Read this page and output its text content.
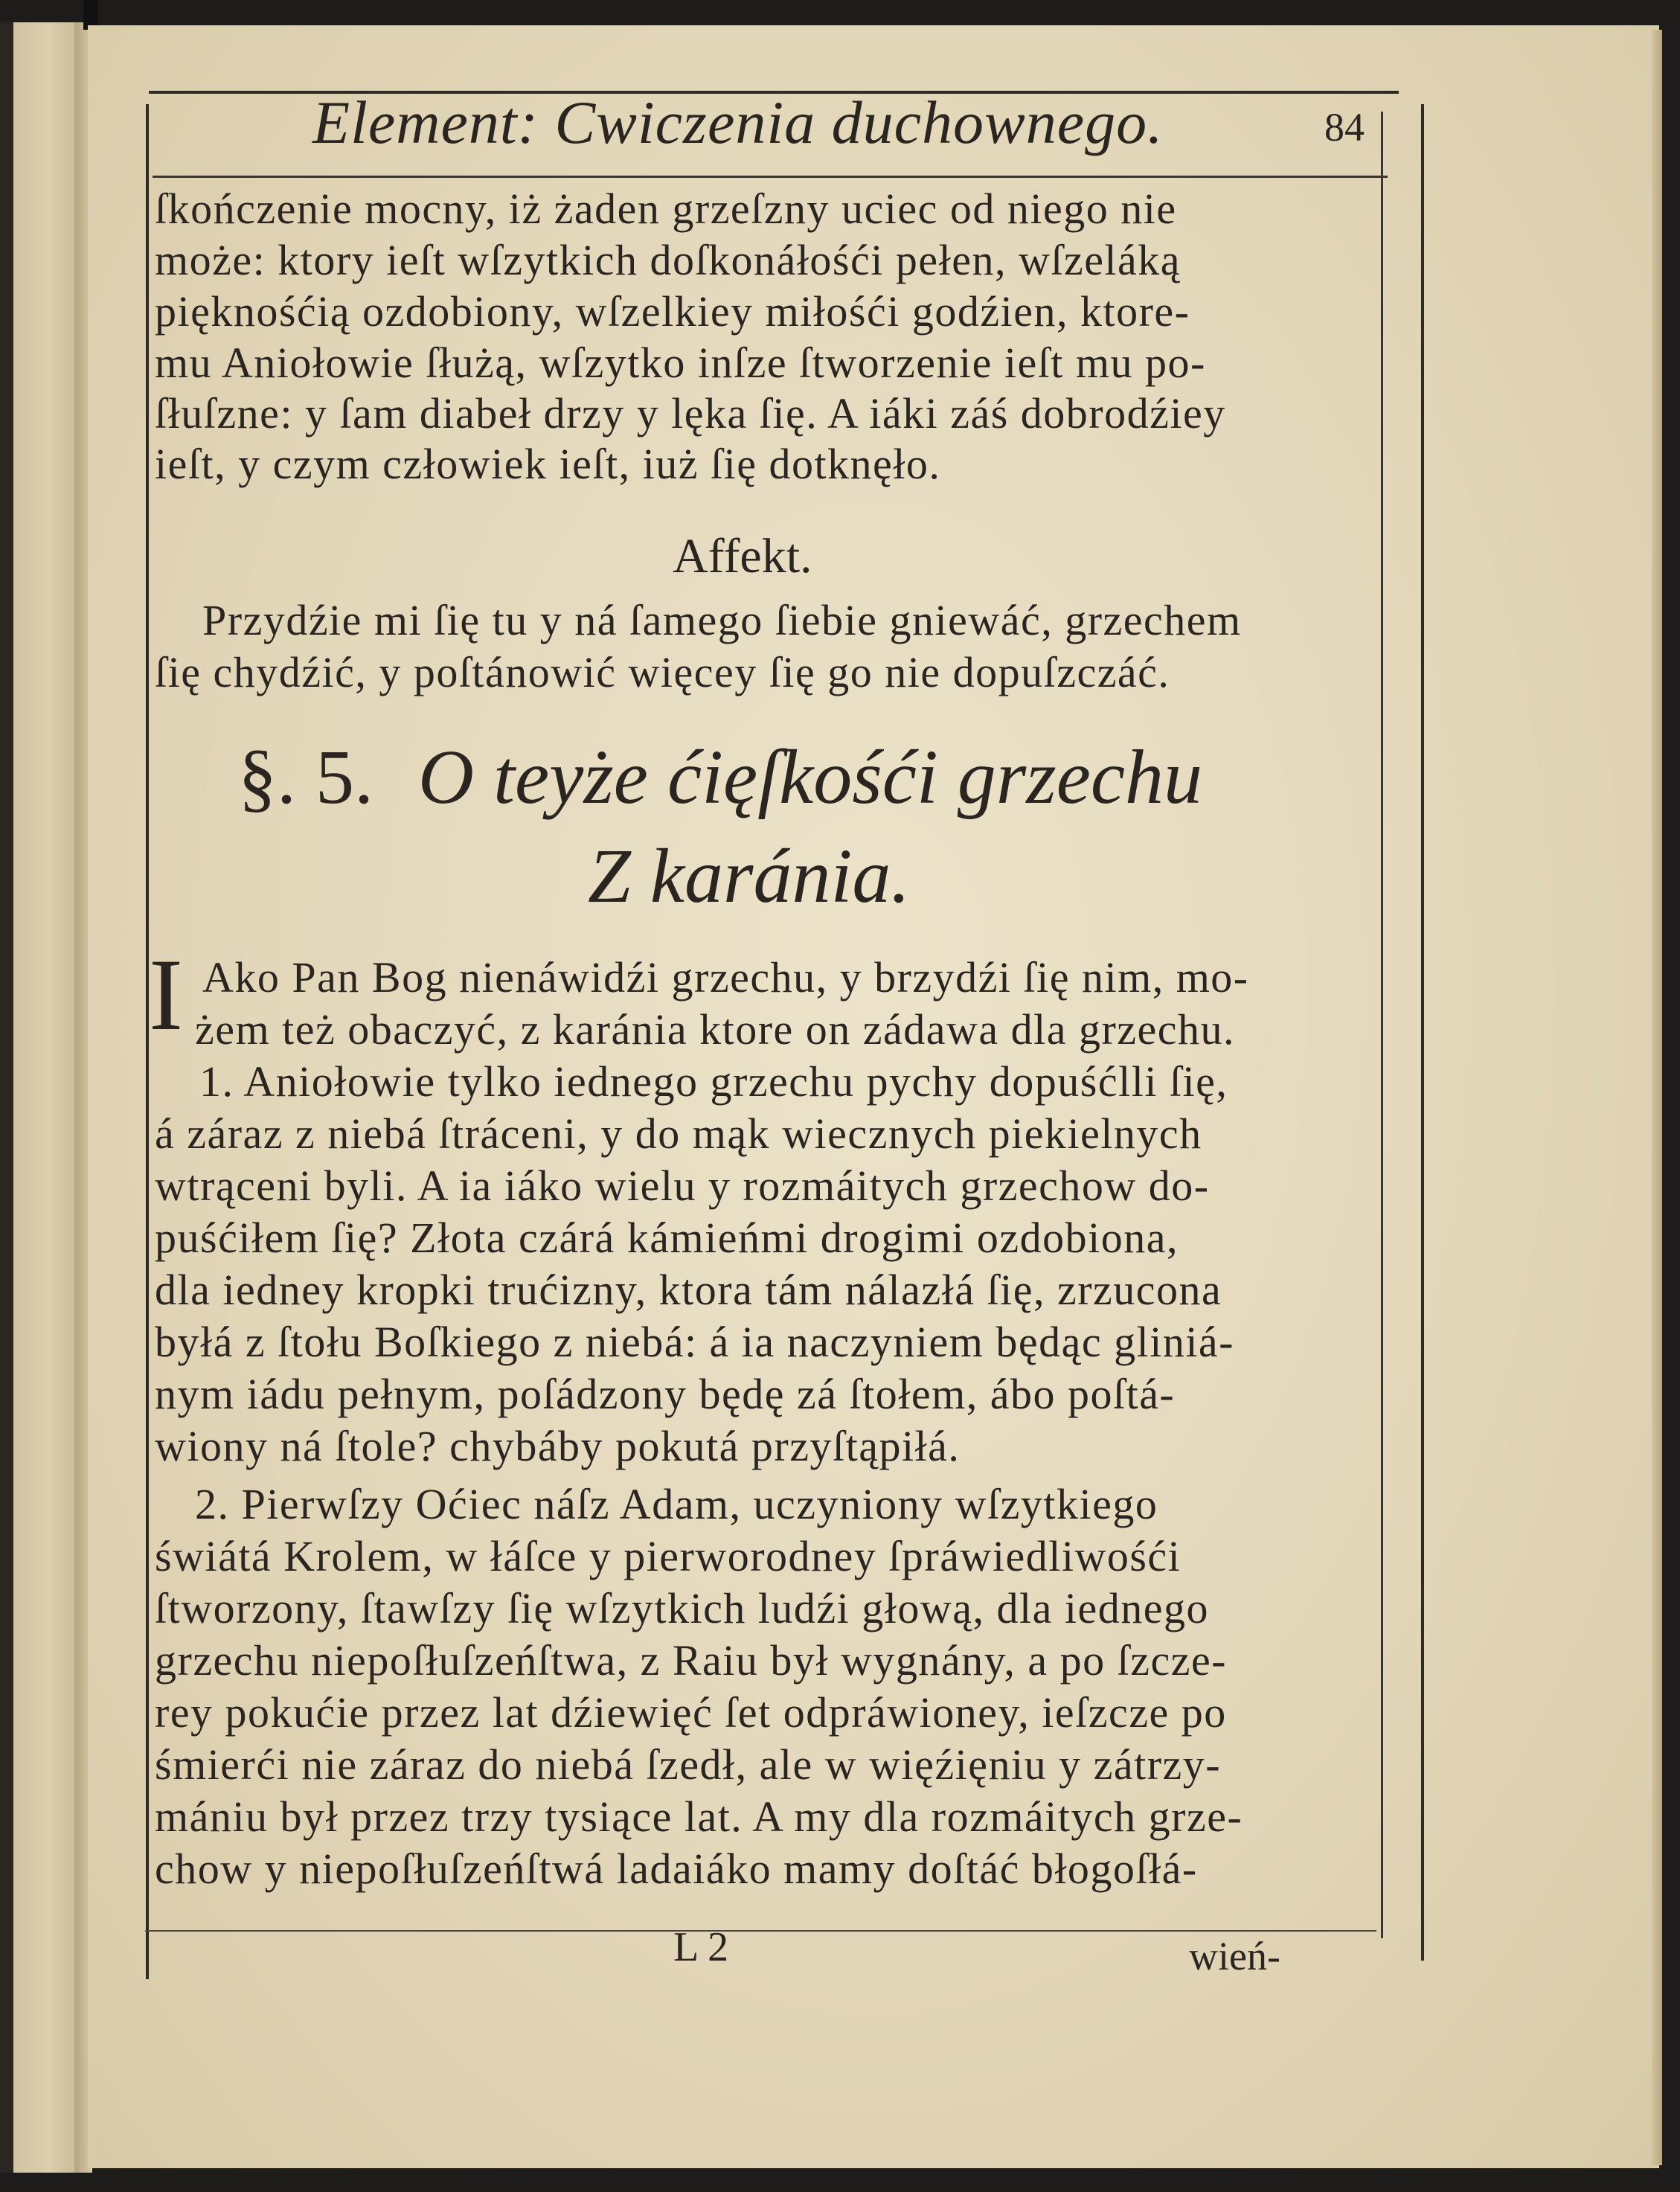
Element: Cwiczenia duchownego.	84
ſkończenie mocny, iż żaden grzeſzny uciec od niego nie
może: ktory ieſt wſzytkich doſkonáłośći pełen, wſzeláką
pięknośćią ozdobiony, wſzelkiey miłośći godźien, ktore-
mu Aniołowie ſłużą, wſzytko inſze ſtworzenie ieſt mu po-
ſłuſzne: y ſam diabeł drzy y lęka ſię. A iáki záś dobrodźiey
ieſt, y czym człowiek ieſt, iuż ſię dotknęło.
Affekt.
Przydźie mi ſię tu y ná ſamego ſiebie gniewáć, grzechem
ſię chydźić, y poſtánowić więcey ſię go nie dopuſzczáć.
§. 5. O teyże ćięſkośći grzechu
Z karánia.
I Ako Pan Bog nienáwidźi grzechu, y brzydźi ſię nim, mo-
żem też obaczyć, z karánia ktore on zádawa dla grzechu.
1. Aniołowie tylko iednego grzechu pychy dopuśćlli ſię,
á záraz z niebá ſtráceni, y do mąk wiecznych piekielnych
wtrąceni byli. A ia iáko wielu y rozmáitych grzechow do-
puśćiłem ſię? Złota czárá kámieńmi drogimi ozdobiona,
dla iedney kropki trućizny, ktora tám nálazłá ſię, zrzucona
byłá z ſtołu Boſkiego z niebá: á ia naczyniem będąc gliniá-
nym iádu pełnym, poſádzony będę zá ſtołem, ábo poſtá-
wiony ná ſtole? chybáby pokutá przyſtąpiłá.
2. Pierwſzy Oćiec náſz Adam, uczyniony wſzytkiego
świátá Krolem, w łáſce y pierworodney ſpráwiedliwośći
ſtworzony, ſtawſzy ſię wſzytkich ludźi głową, dla iednego
grzechu niepoſłuſzeńſtwa, z Raiu był wygnány, a po ſzcze-
rey pokućie przez lat dźiewięć ſet odpráwioney, ieſzcze po
śmierći nie záraz do niebá ſzedł, ale w więźięniu y zátrzy-
mániu był przez trzy tysiące lat. A my dla rozmáitych grze-
chow y niepoſłuſzeńſtwá ladaiáko mamy doſtáć błogoſłá-
L 2	wień-
